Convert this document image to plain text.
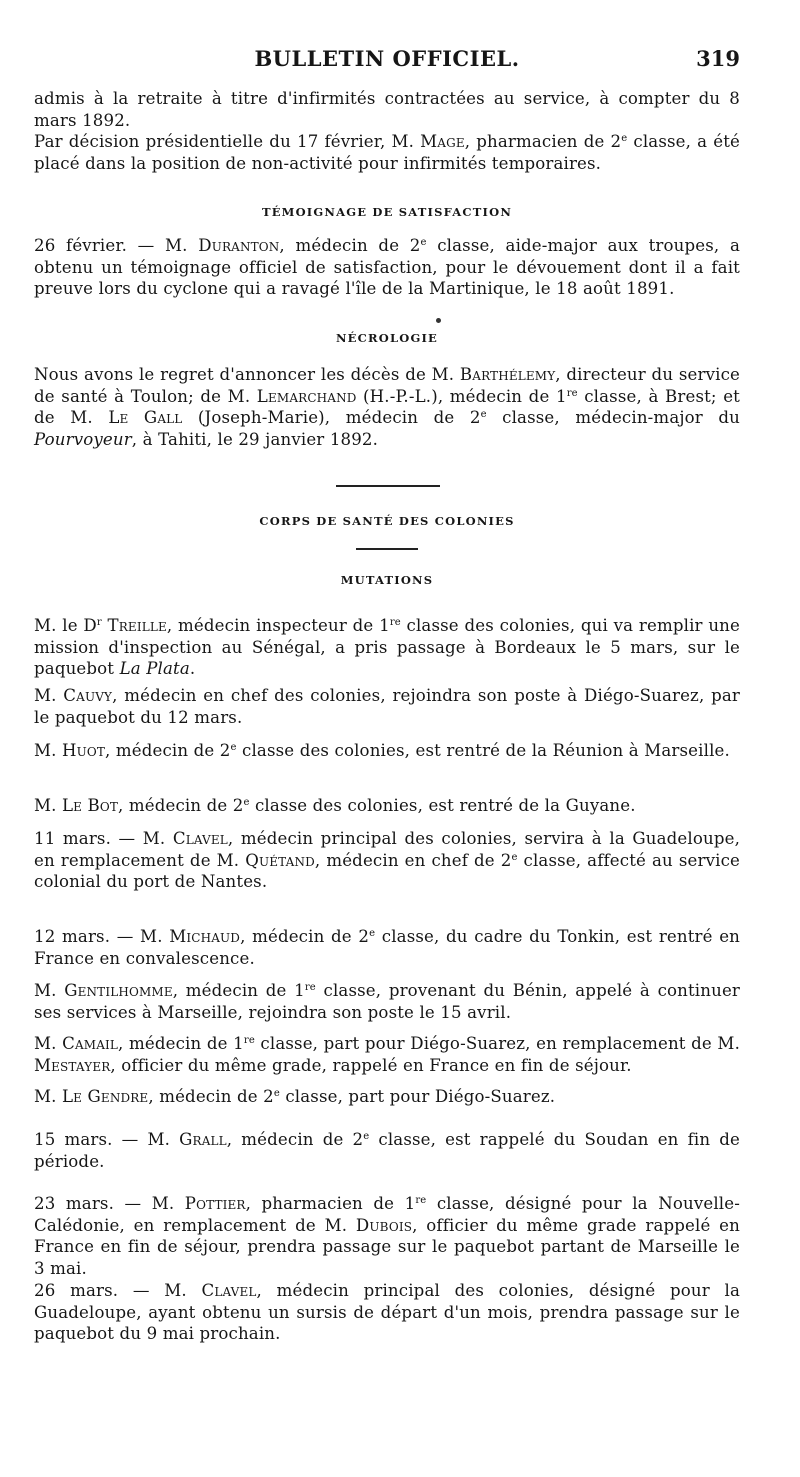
BULLETIN OFFICIEL.	319

admis à la retraite à titre d'infirmités contractées au service, à compter du 8 mars 1892.

Par décision présidentielle du 17 février, M. Mage, pharmacien de 2e classe, a été placé dans la position de non-activité pour infirmités temporaires.

TÉMOIGNAGE DE SATISFACTION

26 février. — M. Duranton, médecin de 2e classe, aide-major aux troupes, a obtenu un témoignage officiel de satisfaction, pour le dévouement dont il a fait preuve lors du cyclone qui a ravagé l'île de la Martinique, le 18 août 1891.

NÉCROLOGIE

Nous avons le regret d'annoncer les décès de M. Barthélemy, directeur du service de santé à Toulon; de M. Lemarchand (H.-P.-L.), médecin de 1re classe, à Brest; et de M. Le Gall (Joseph-Marie), médecin de 2e classe, médecin-major du Pourvoyeur, à Tahiti, le 29 janvier 1892.

CORPS DE SANTÉ DES COLONIES

MUTATIONS

M. le $D^r$ Treille, médecin inspecteur de 1re classe des colonies, qui va remplir une mission d'inspection au Sénégal, a pris passage à Bordeaux le 5 mars, sur le paquebot La Plata.

M. Cauvy, médecin en chef des colonies, rejoindra son poste à Diégo-Suarez, par le paquebot du 12 mars.

M. Huot, médecin de 2e classe des colonies, est rentré de la Réunion à Marseille.

M. Le Bot, médecin de 2e classe des colonies, est rentré de la Guyane.

11 mars. — M. Clavel, médecin principal des colonies, servira à la Guadeloupe, en remplacement de M. Quétand, médecin en chef de 2e classe, affecté au service colonial du port de Nantes.

12 mars. — M. Michaud, médecin de 2e classe, du cadre du Tonkin, est rentré en France en convalescence.

M. Gentilhomme, médecin de 1re classe, provenant du Bénin, appelé à continuer ses services à Marseille, rejoindra son poste le 15 avril.

M. Camail, médecin de 1re classe, part pour Diégo-Suarez, en remplacement de M. Mestayer, officier du même grade, rappelé en France en fin de séjour.

M. Le Gendre, médecin de 2e classe, part pour Diégo-Suarez.

15 mars. — M. Grall, médecin de 2e classe, est rappelé du Soudan en fin de période.

23 mars. — M. Pottier, pharmacien de 1re classe, désigné pour la Nouvelle-Calédonie, en remplacement de M. Dubois, officier du même grade rappelé en France en fin de séjour, prendra passage sur le paquebot partant de Marseille le 3 mai.

26 mars. — M. Clavel, médecin principal des colonies, désigné pour la Guadeloupe, ayant obtenu un sursis de départ d'un mois, prendra passage sur le paquebot du 9 mai prochain.
